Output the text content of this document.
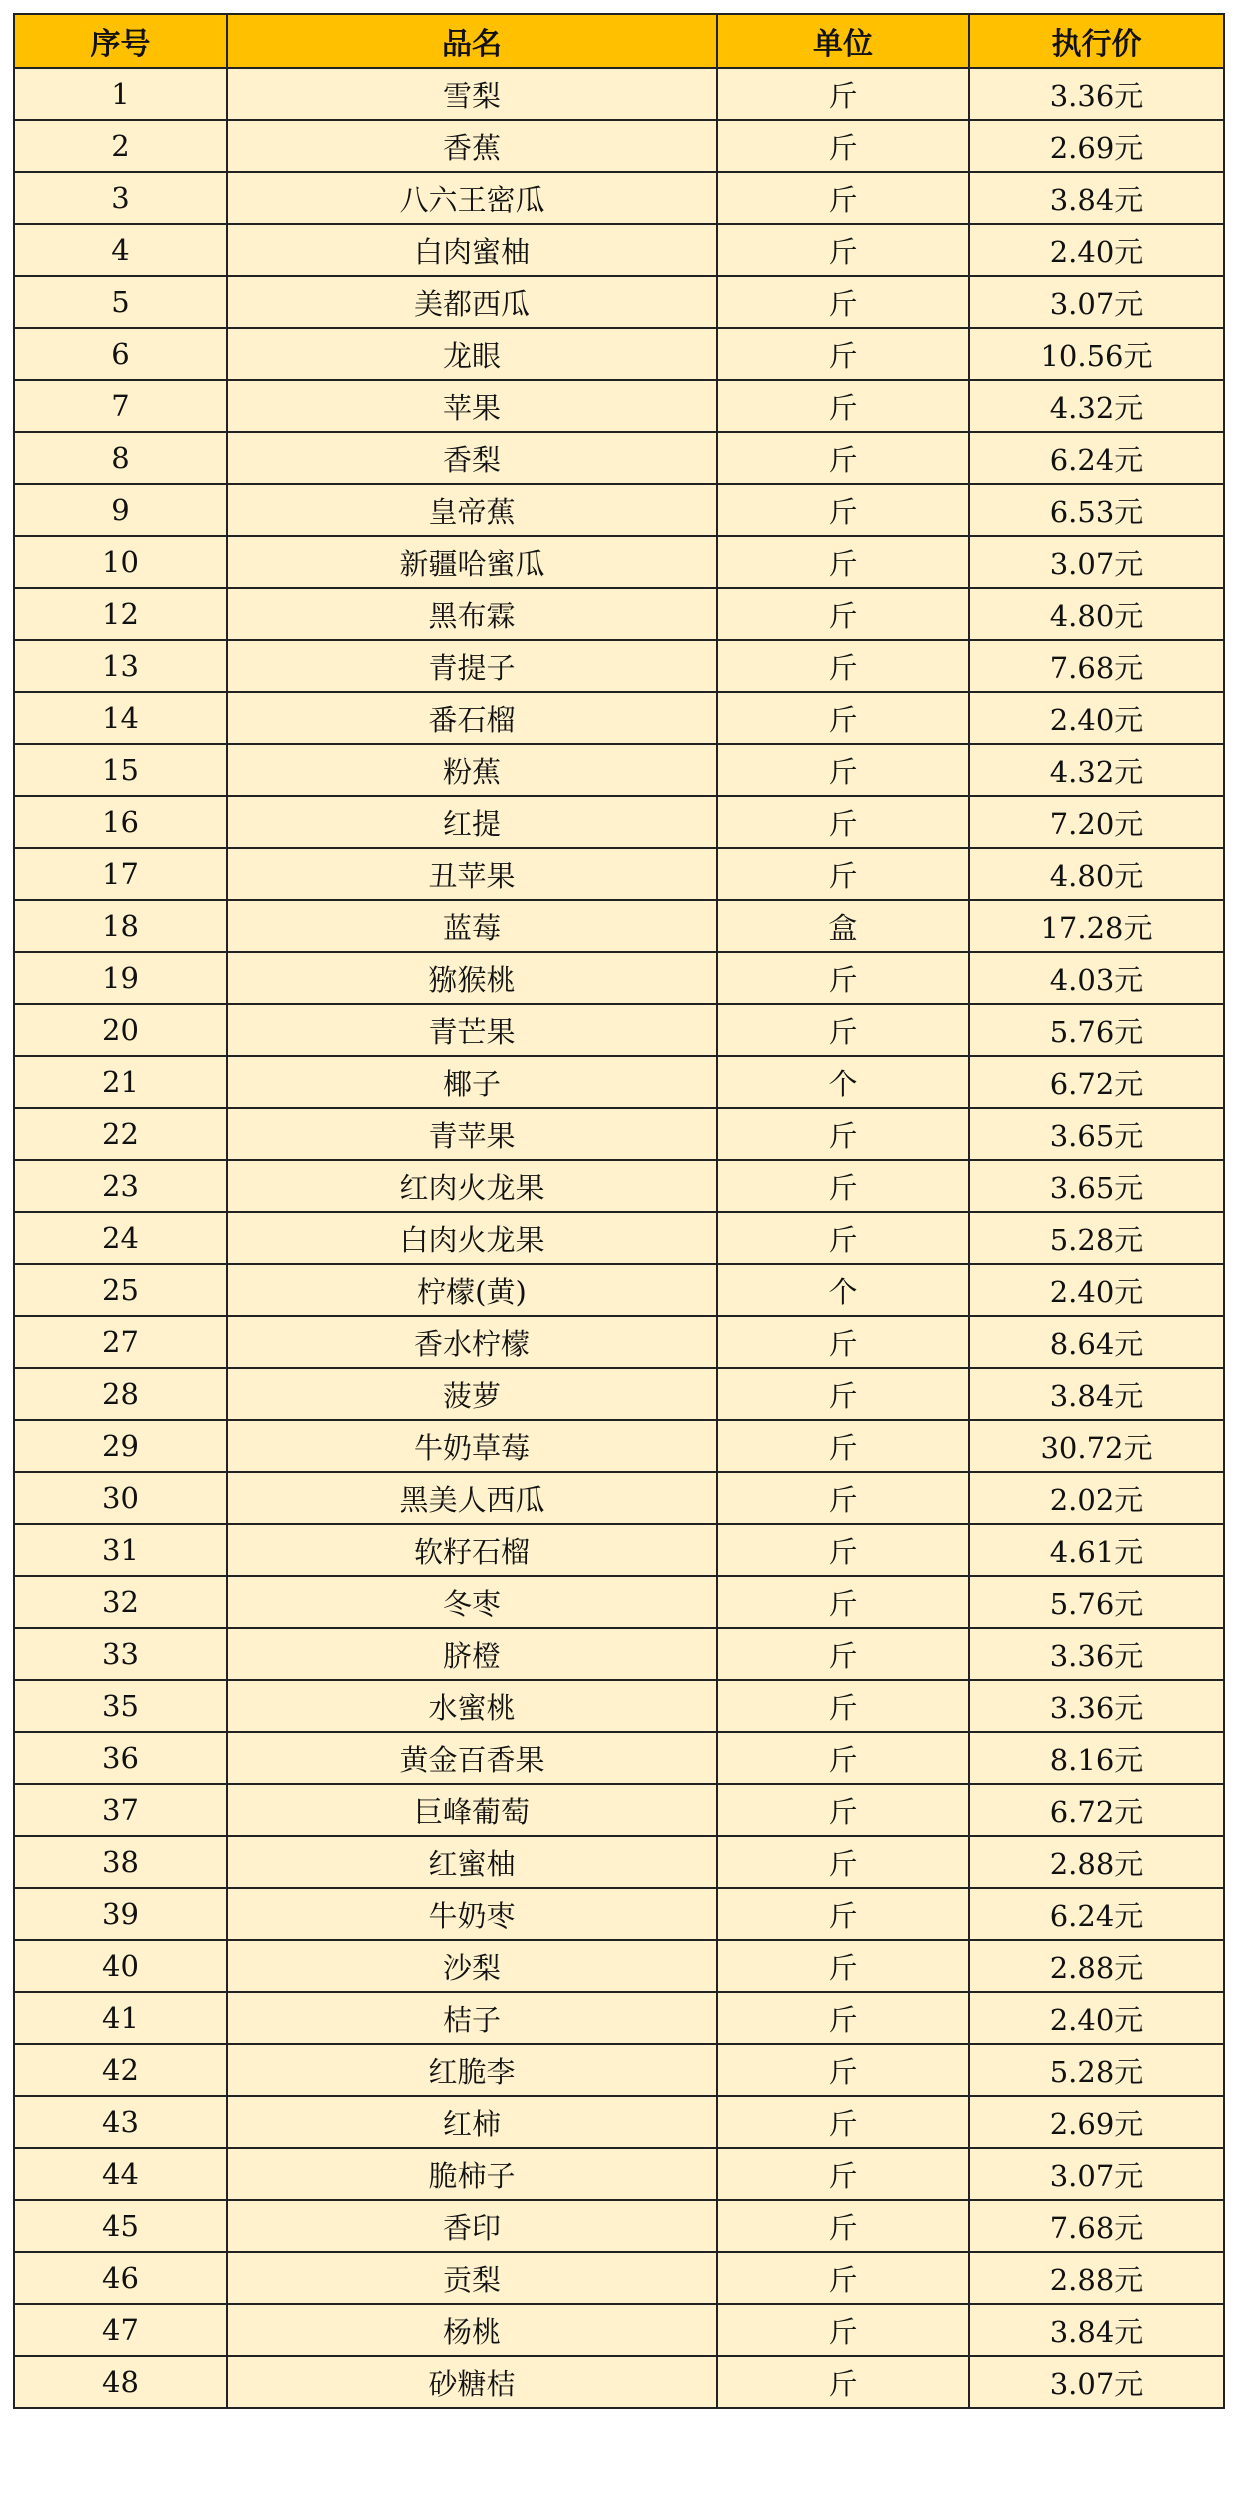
序号	品名	单位	执行价
1	雪梨	斤	3.36元
2	香蕉	斤	2.69元
3	八六王密瓜	斤	3.84元
4	白肉蜜柚	斤	2.40元
5	美都西瓜	斤	3.07元
6	龙眼	斤	10.56元
7	苹果	斤	4.32元
8	香梨	斤	6.24元
9	皇帝蕉	斤	6.53元
10	新疆哈蜜瓜	斤	3.07元
12	黑布霖	斤	4.80元
13	青提子	斤	7.68元
14	番石榴	斤	2.40元
15	粉蕉	斤	4.32元
16	红提	斤	7.20元
17	丑苹果	斤	4.80元
18	蓝莓	盒	17.28元
19	猕猴桃	斤	4.03元
20	青芒果	斤	5.76元
21	椰子	个	6.72元
22	青苹果	斤	3.65元
23	红肉火龙果	斤	3.65元
24	白肉火龙果	斤	5.28元
25	柠檬(黄)	个	2.40元
27	香水柠檬	斤	8.64元
28	菠萝	斤	3.84元
29	牛奶草莓	斤	30.72元
30	黑美人西瓜	斤	2.02元
31	软籽石榴	斤	4.61元
32	冬枣	斤	5.76元
33	脐橙	斤	3.36元
35	水蜜桃	斤	3.36元
36	黄金百香果	斤	8.16元
37	巨峰葡萄	斤	6.72元
38	红蜜柚	斤	2.88元
39	牛奶枣	斤	6.24元
40	沙梨	斤	2.88元
41	桔子	斤	2.40元
42	红脆李	斤	5.28元
43	红柿	斤	2.69元
44	脆柿子	斤	3.07元
45	香印	斤	7.68元
46	贡梨	斤	2.88元
47	杨桃	斤	3.84元
48	砂糖桔	斤	3.07元
